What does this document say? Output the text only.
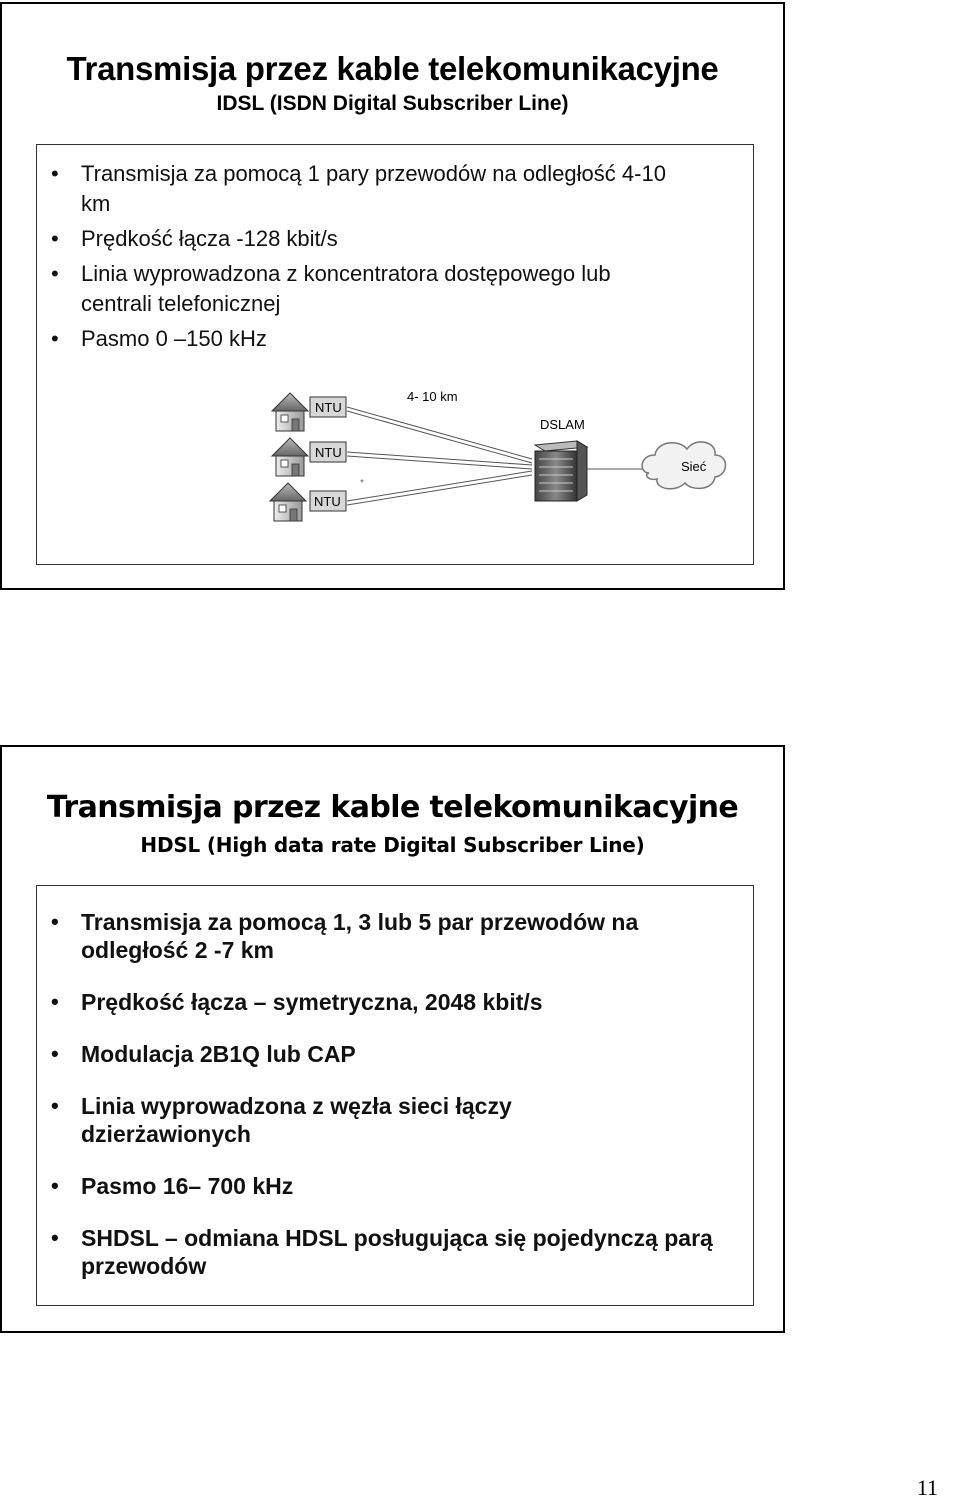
Transmisja przez kable telekomunikacyjne
IDSL (ISDN Digital Subscriber Line)
• Transmisja za pomocą 1 pary przewodów na odległość 4-10 km
• Prędkość łącza -128 kbit/s
• Linia wyprowadzona z koncentratora dostępowego lub centrali telefonicznej
• Pasmo 0 –150 kHz
NTU
NTU
NTU
4- 10 km
*
DSLAM
Sieć
Transmisja przez kable telekomunikacyjne
HDSL (High data rate Digital Subscriber Line)
• Transmisja za pomocą 1, 3 lub 5 par przewodów na odległość 2 -7 km
• Prędkość łącza – symetryczna, 2048 kbit/s
• Modulacja 2B1Q lub CAP
• Linia wyprowadzona z węzła sieci łączy dzierżawionych
• Pasmo 16– 700 kHz
• SHDSL – odmiana HDSL posługująca się pojedynczą parą przewodów
11
